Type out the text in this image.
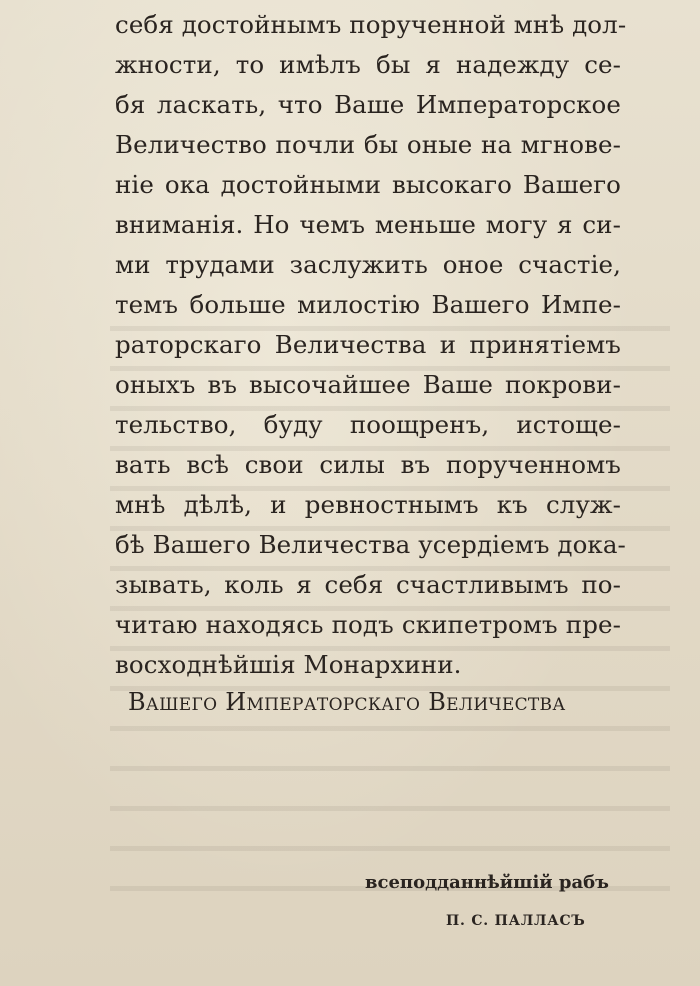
себя достойнымъ порученной мнѣ дол-
жности, то имѣлъ бы я надежду се-
бя ласкать, что Ваше Императорское
Величество почли бы оные на мгнове-
ніе ока достойными высокаго Вашего
вниманія. Но чемъ меньше могу я си-
ми трудами заслужить оное счастіе,
темъ больше милостію Вашего Импе-
раторскаго Величества и принятіемъ
оныхъ въ высочайшее Ваше покрови-
тельство, буду поощренъ, истоще-
вать всѣ свои силы въ порученномъ
мнѣ дѣлѣ, и ревностнымъ къ служ-
бѣ Вашего Величества усердіемъ дока-
зывать, коль я себя счастливымъ по-
читаю находясь подъ скипетромъ пре-
восходнѣйшія Монархини.
Вашего Императорскаго Величества
всеподданнѣйшій рабъ
П. С. ПАЛЛАСЪ
